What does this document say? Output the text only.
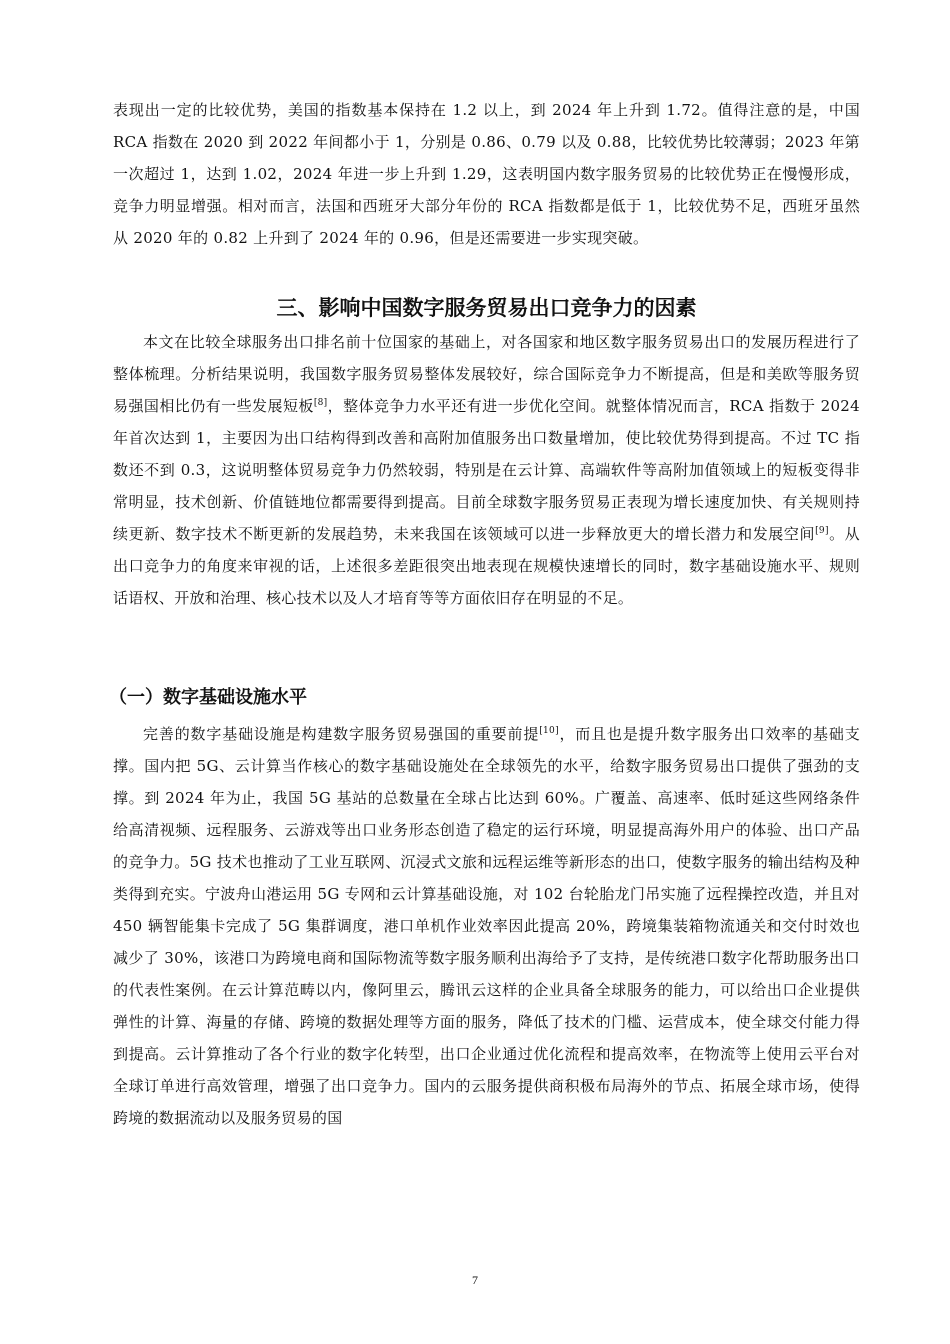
表现出一定的比较优势，美国的指数基本保持在 1.2 以上，到 2024 年上升到 1.72。值得注意的是，中国 RCA 指数在 2020 到 2022 年间都小于 1，分别是 0.86、0.79 以及 0.88，比较优势比较薄弱；2023 年第一次超过 1，达到 1.02，2024 年进一步上升到 1.29，这表明国内数字服务贸易的比较优势正在慢慢形成，竞争力明显增强。相对而言，法国和西班牙大部分年份的 RCA 指数都是低于 1，比较优势不足，西班牙虽然从 2020 年的 0.82 上升到了 2024 年的 0.96，但是还需要进一步实现突破。

三、影响中国数字服务贸易出口竞争力的因素

本文在比较全球服务出口排名前十位国家的基础上，对各国家和地区数字服务贸易出口的发展历程进行了整体梳理。分析结果说明，我国数字服务贸易整体发展较好，综合国际竞争力不断提高，但是和美欧等服务贸易强国相比仍有一些发展短板[8]，整体竞争力水平还有进一步优化空间。就整体情况而言，RCA 指数于 2024 年首次达到 1，主要因为出口结构得到改善和高附加值服务出口数量增加，使比较优势得到提高。不过 TC 指数还不到 0.3，这说明整体贸易竞争力仍然较弱，特别是在云计算、高端软件等高附加值领域上的短板变得非常明显，技术创新、价值链地位都需要得到提高。目前全球数字服务贸易正表现为增长速度加快、有关规则持续更新、数字技术不断更新的发展趋势，未来我国在该领域可以进一步释放更大的增长潜力和发展空间[9]。从出口竞争力的角度来审视的话，上述很多差距很突出地表现在规模快速增长的同时，数字基础设施水平、规则话语权、开放和治理、核心技术以及人才培育等等方面依旧存在明显的不足。

（一）数字基础设施水平

完善的数字基础设施是构建数字服务贸易强国的重要前提[10]，而且也是提升数字服务出口效率的基础支撑。国内把 5G、云计算当作核心的数字基础设施处在全球领先的水平，给数字服务贸易出口提供了强劲的支撑。到 2024 年为止，我国 5G 基站的总数量在全球占比达到 60%。广覆盖、高速率、低时延这些网络条件给高清视频、远程服务、云游戏等出口业务形态创造了稳定的运行环境，明显提高海外用户的体验、出口产品的竞争力。5G 技术也推动了工业互联网、沉浸式文旅和远程运维等新形态的出口，使数字服务的输出结构及种类得到充实。宁波舟山港运用 5G 专网和云计算基础设施，对 102 台轮胎龙门吊实施了远程操控改造，并且对 450 辆智能集卡完成了 5G 集群调度，港口单机作业效率因此提高 20%，跨境集装箱物流通关和交付时效也减少了 30%，该港口为跨境电商和国际物流等数字服务顺利出海给予了支持，是传统港口数字化帮助服务出口的代表性案例。在云计算范畴以内，像阿里云，腾讯云这样的企业具备全球服务的能力，可以给出口企业提供弹性的计算、海量的存储、跨境的数据处理等方面的服务，降低了技术的门槛、运营成本，使全球交付能力得到提高。云计算推动了各个行业的数字化转型，出口企业通过优化流程和提高效率，在物流等上使用云平台对全球订单进行高效管理，增强了出口竞争力。国内的云服务提供商积极布局海外的节点、拓展全球市场，使得跨境的数据流动以及服务贸易的国

7
